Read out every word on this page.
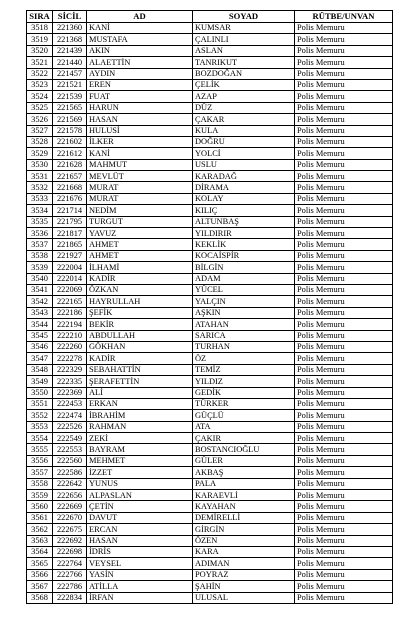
SIRA	SİCİL	AD	SOYAD	RÜTBE/UNVAN
3518	221360	KANİ	KUMSAR	Polis Memuru
3519	221368	MUSTAFA	ÇALINLI	Polis Memuru
3520	221439	AKIN	ASLAN	Polis Memuru
3521	221440	ALAETTİN	TANRIKUT	Polis Memuru
3522	221457	AYDIN	BOZDOĞAN	Polis Memuru
3523	221521	EREN	ÇELİK	Polis Memuru
3524	221539	FUAT	AZAP	Polis Memuru
3525	221565	HARUN	DÜZ	Polis Memuru
3526	221569	HASAN	ÇAKAR	Polis Memuru
3527	221578	HULUSİ	KULA	Polis Memuru
3528	221602	İLKER	DOĞRU	Polis Memuru
3529	221612	KANİ	YOLCİ	Polis Memuru
3530	221628	MAHMUT	USLU	Polis Memuru
3531	221657	MEVLÜT	KARADAĞ	Polis Memuru
3532	221668	MURAT	DİRAMA	Polis Memuru
3533	221676	MURAT	KOLAY	Polis Memuru
3534	221714	NEDİM	KILIÇ	Polis Memuru
3535	221795	TURGUT	ALTUNBAŞ	Polis Memuru
3536	221817	YAVUZ	YILDIRIR	Polis Memuru
3537	221865	AHMET	KEKLİK	Polis Memuru
3538	221927	AHMET	KOCAİSPİR	Polis Memuru
3539	222004	İLHAMİ	BİLGİN	Polis Memuru
3540	222014	KADİR	ADAM	Polis Memuru
3541	222069	ÖZKAN	YÜCEL	Polis Memuru
3542	222165	HAYRULLAH	YALÇIN	Polis Memuru
3543	222186	ŞEFİK	AŞKIN	Polis Memuru
3544	222194	BEKİR	ATAHAN	Polis Memuru
3545	222210	ABDULLAH	SARICA	Polis Memuru
3546	222260	GÖKHAN	TURHAN	Polis Memuru
3547	222278	KADİR	ÖZ	Polis Memuru
3548	222329	SEBAHATTİN	TEMİZ	Polis Memuru
3549	222335	ŞERAFETTİN	YILDIZ	Polis Memuru
3550	222369	ALİ	GEDİK	Polis Memuru
3551	222453	ERKAN	TÜRKER	Polis Memuru
3552	222474	İBRAHİM	GÜÇLÜ	Polis Memuru
3553	222526	RAHMAN	ATA	Polis Memuru
3554	222549	ZEKİ	ÇAKIR	Polis Memuru
3555	222553	BAYRAM	BOSTANCIOĞLU	Polis Memuru
3556	222560	MEHMET	GÜLER	Polis Memuru
3557	222586	İZZET	AKBAŞ	Polis Memuru
3558	222642	YUNUS	PALA	Polis Memuru
3559	222656	ALPASLAN	KARAEVLİ	Polis Memuru
3560	222669	ÇETİN	KAYAHAN	Polis Memuru
3561	222670	DAVUT	DEMİRELLİ	Polis Memuru
3562	222675	ERCAN	GİRGİN	Polis Memuru
3563	222692	HASAN	ÖZEN	Polis Memuru
3564	222698	İDRİS	KARA	Polis Memuru
3565	222764	VEYSEL	ADIMAN	Polis Memuru
3566	222766	YASİN	POYRAZ	Polis Memuru
3567	222786	ATİLLA	ŞAHİN	Polis Memuru
3568	222834	İRFAN	ULUSAL	Polis Memuru
